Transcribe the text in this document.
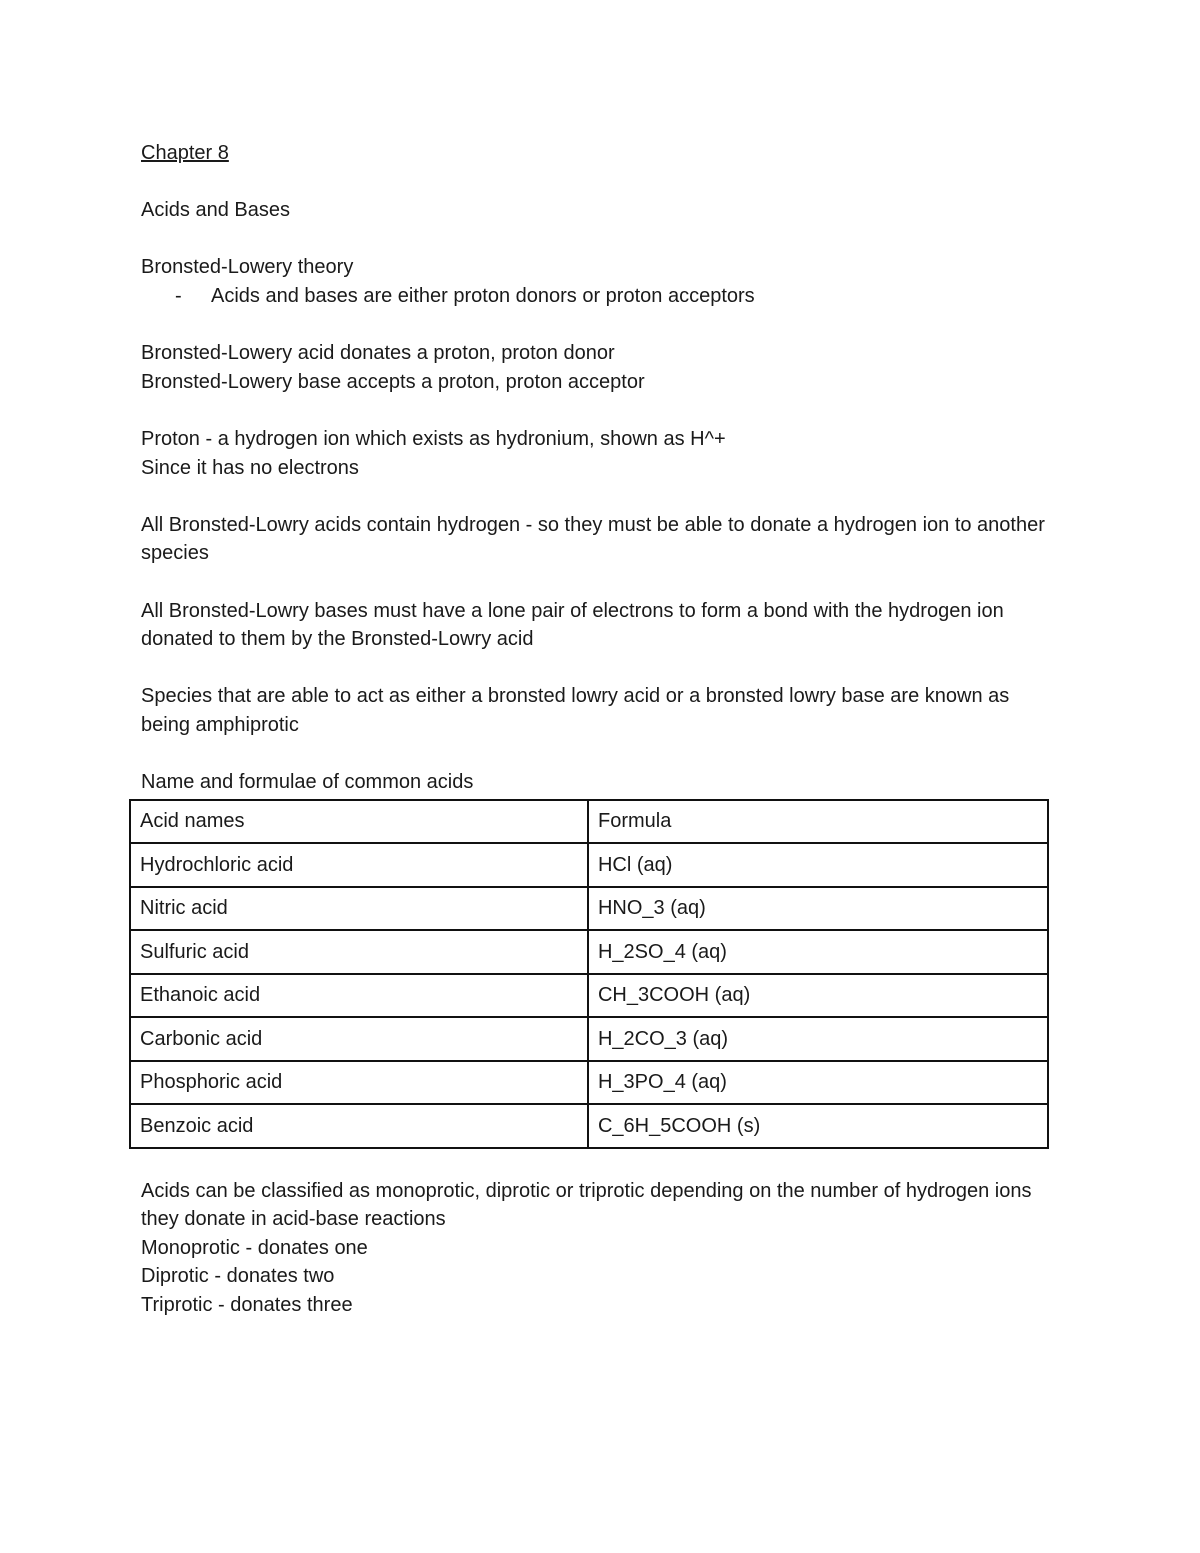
Chapter 8
Acids and Bases
Bronsted-Lowery theory
-	Acids and bases are either proton donors or proton acceptors
Bronsted-Lowery acid donates a proton, proton donor
Bronsted-Lowery base accepts a proton, proton acceptor
Proton - a hydrogen ion which exists as hydronium, shown as H^+
Since it has no electrons
All Bronsted-Lowry acids contain hydrogen - so they must be able to donate a hydrogen ion to another species
All Bronsted-Lowry bases must have a lone pair of electrons to form a bond with the hydrogen ion donated to them by the Bronsted-Lowry acid
Species that are able to act as either a bronsted lowry acid or a bronsted lowry base are known as being amphiprotic
Name and formulae of common acids
Acid names	Formula
Hydrochloric acid	HCl (aq)
Nitric acid	HNO_3 (aq)
Sulfuric acid	H_2SO_4 (aq)
Ethanoic acid	CH_3COOH (aq)
Carbonic acid	H_2CO_3 (aq)
Phosphoric acid	H_3PO_4 (aq)
Benzoic acid	C_6H_5COOH (s)
Acids can be classified as monoprotic, diprotic or triprotic depending on the number of hydrogen ions they donate in acid-base reactions
Monoprotic - donates one
Diprotic - donates two
Triprotic - donates three
